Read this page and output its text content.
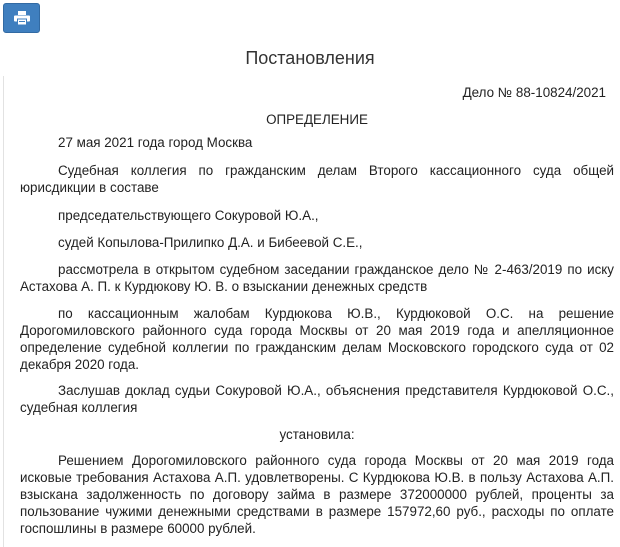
Постановления

Дело № 88-10824/2021

ОПРЕДЕЛЕНИЕ

27 мая 2021 года город Москва

Судебная коллегия по гражданским делам Второго кассационного суда общей юрисдикции в составе

председательствующего Сокуровой Ю.А.,

судей Копылова-Прилипко Д.А. и Бибеевой С.Е.,

рассмотрела в открытом судебном заседании гражданское дело № 2-463/2019 по иску Астахова А. П. к Курдюкову Ю. В. о взыскании денежных средств

по кассационным жалобам Курдюкова Ю.В., Курдюковой О.С. на решение Дорогомиловского районного суда города Москвы от 20 мая 2019 года и апелляционное определение судебной коллегии по гражданским делам Московского городского суда от 02 декабря 2020 года.

Заслушав доклад судьи Сокуровой Ю.А., объяснения представителя Курдюковой О.С., судебная коллегия

установила:

Решением Дорогомиловского районного суда города Москвы от 20 мая 2019 года исковые требования Астахова А.П. удовлетворены. С Курдюкова Ю.В. в пользу Астахова А.П. взыскана задолженность по договору займа в размере 372000000 рублей, проценты за пользование чужими денежными средствами в размере 157972,60 руб., расходы по оплате госпошлины в размере 60000 рублей.
